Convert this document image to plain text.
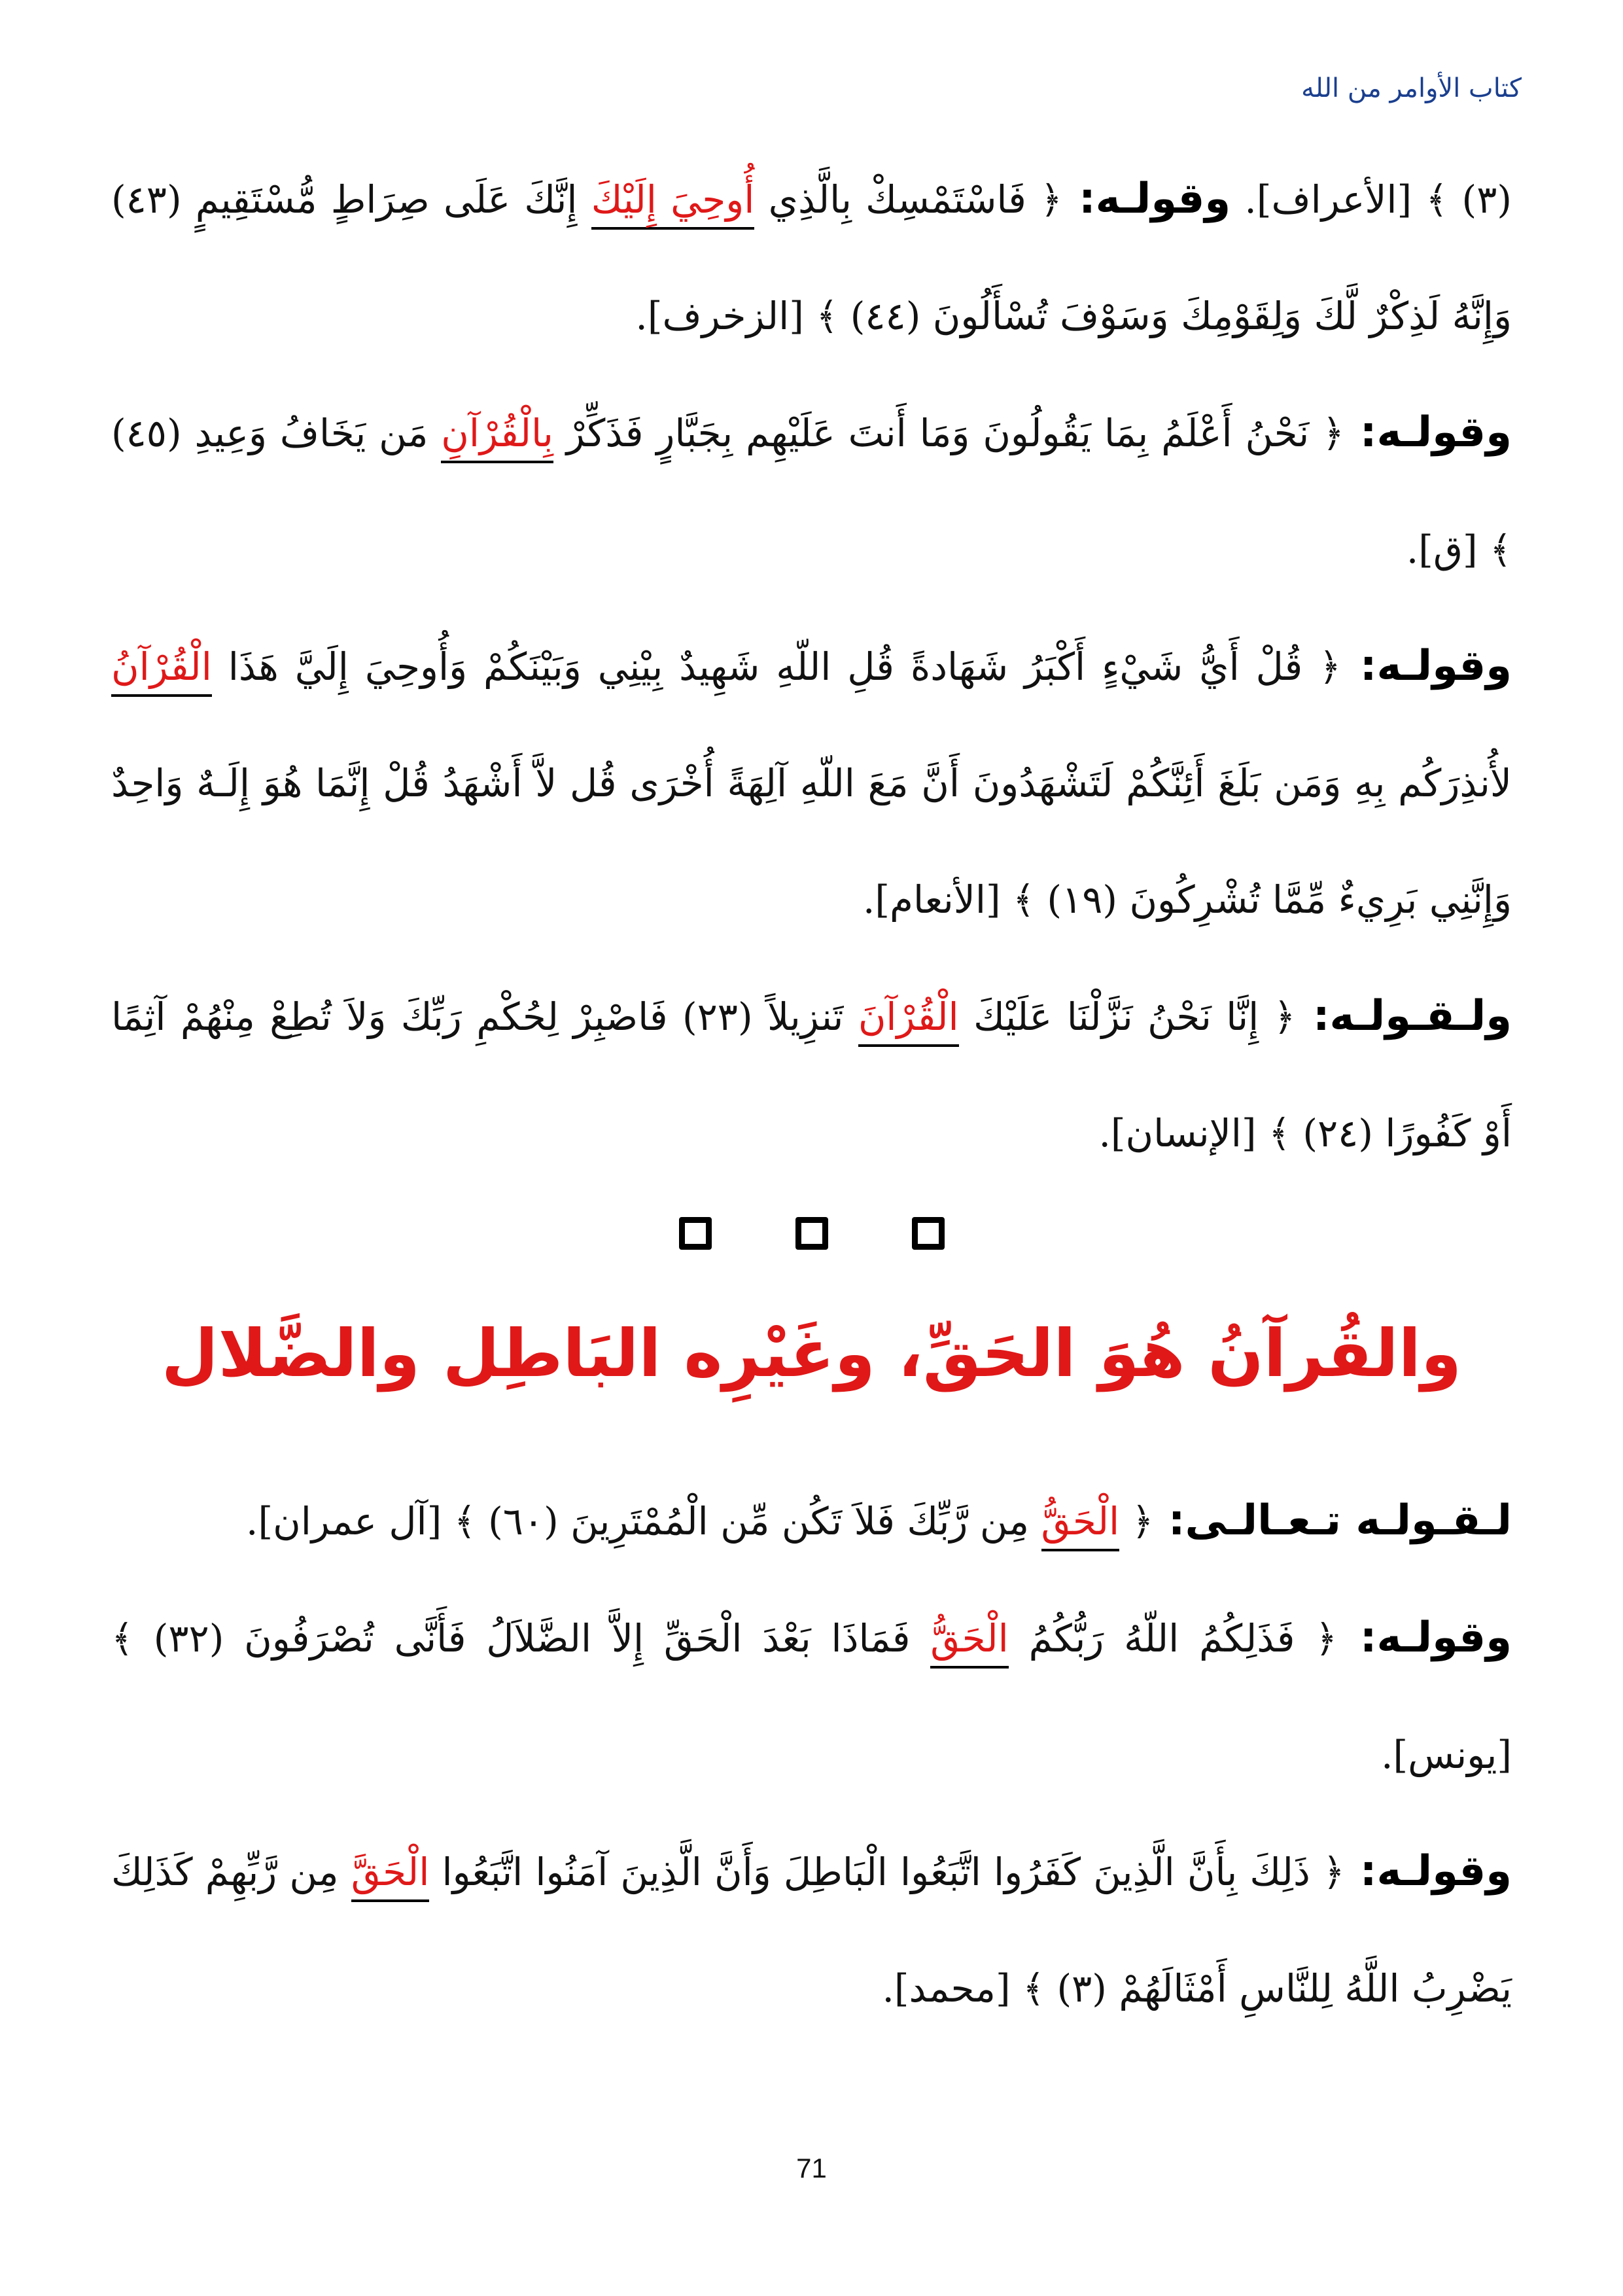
كتاب الأوامر من الله

(٣) ﴾ [الأعراف]. وقولـه: ﴿ فَاسْتَمْسِكْ بِالَّذِي أُوحِيَ إِلَيْكَ إِنَّكَ عَلَى صِرَاطٍ مُّسْتَقِيمٍ (٤٣) وَإِنَّهُ لَذِكْرٌ لَّكَ وَلِقَوْمِكَ وَسَوْفَ تُسْأَلُونَ (٤٤) ﴾ [الزخرف].

وقولـه: ﴿ نَحْنُ أَعْلَمُ بِمَا يَقُولُونَ وَمَا أَنتَ عَلَيْهِم بِجَبَّارٍ فَذَكِّرْ بِالْقُرْآنِ مَن يَخَافُ وَعِيدِ (٤٥) ﴾ [ق].

وقولـه: ﴿ قُلْ أَيُّ شَيْءٍ أَكْبَرُ شَهَادةً قُلِ اللّهِ شَهِيدٌ بِيْنِي وَبَيْنَكُمْ وَأُوحِيَ إِلَيَّ هَذَا الْقُرْآنُ لأُنذِرَكُم بِهِ وَمَن بَلَغَ أَئِنَّكُمْ لَتَشْهَدُونَ أَنَّ مَعَ اللّهِ آلِهَةً أُخْرَى قُل لاَّ أَشْهَدُ قُلْ إِنَّمَا هُوَ إِلَـهٌ وَاحِدٌ وَإِنَّنِي بَرِيءٌ مِّمَّا تُشْرِكُونَ (١٩) ﴾ [الأنعام].

ولـقـولـه: ﴿ إِنَّا نَحْنُ نَزَّلْنَا عَلَيْكَ الْقُرْآنَ تَنزِيلاً (٢٣) فَاصْبِرْ لِحُكْمِ رَبِّكَ وَلاَ تُطِعْ مِنْهُمْ آثِمًا أَوْ كَفُورًا (٢٤) ﴾ [الإنسان].

والقُرآنُ هُوَ الحَقِّ، وغَيْرِه البَاطِل والضَّلال

لـقـولـه تـعـالـى: ﴿ الْحَقُّ مِن رَّبِّكَ فَلاَ تَكُن مِّن الْمُمْتَرِينَ (٦٠) ﴾ [آل عمران].

وقولـه: ﴿ فَذَلِكُمُ اللّهُ رَبُّكُمُ الْحَقُّ فَمَاذَا بَعْدَ الْحَقِّ إِلاَّ الضَّلاَلُ فَأَنَّى تُصْرَفُونَ (٣٢) ﴾ [يونس].

وقولـه: ﴿ ذَلِكَ بِأَنَّ الَّذِينَ كَفَرُوا اتَّبَعُوا الْبَاطِلَ وَأَنَّ الَّذِينَ آمَنُوا اتَّبَعُوا الْحَقَّ مِن رَّبِّهِمْ كَذَلِكَ يَضْرِبُ اللَّهُ لِلنَّاسِ أَمْثَالَهُمْ (٣) ﴾ [محمد].

71
